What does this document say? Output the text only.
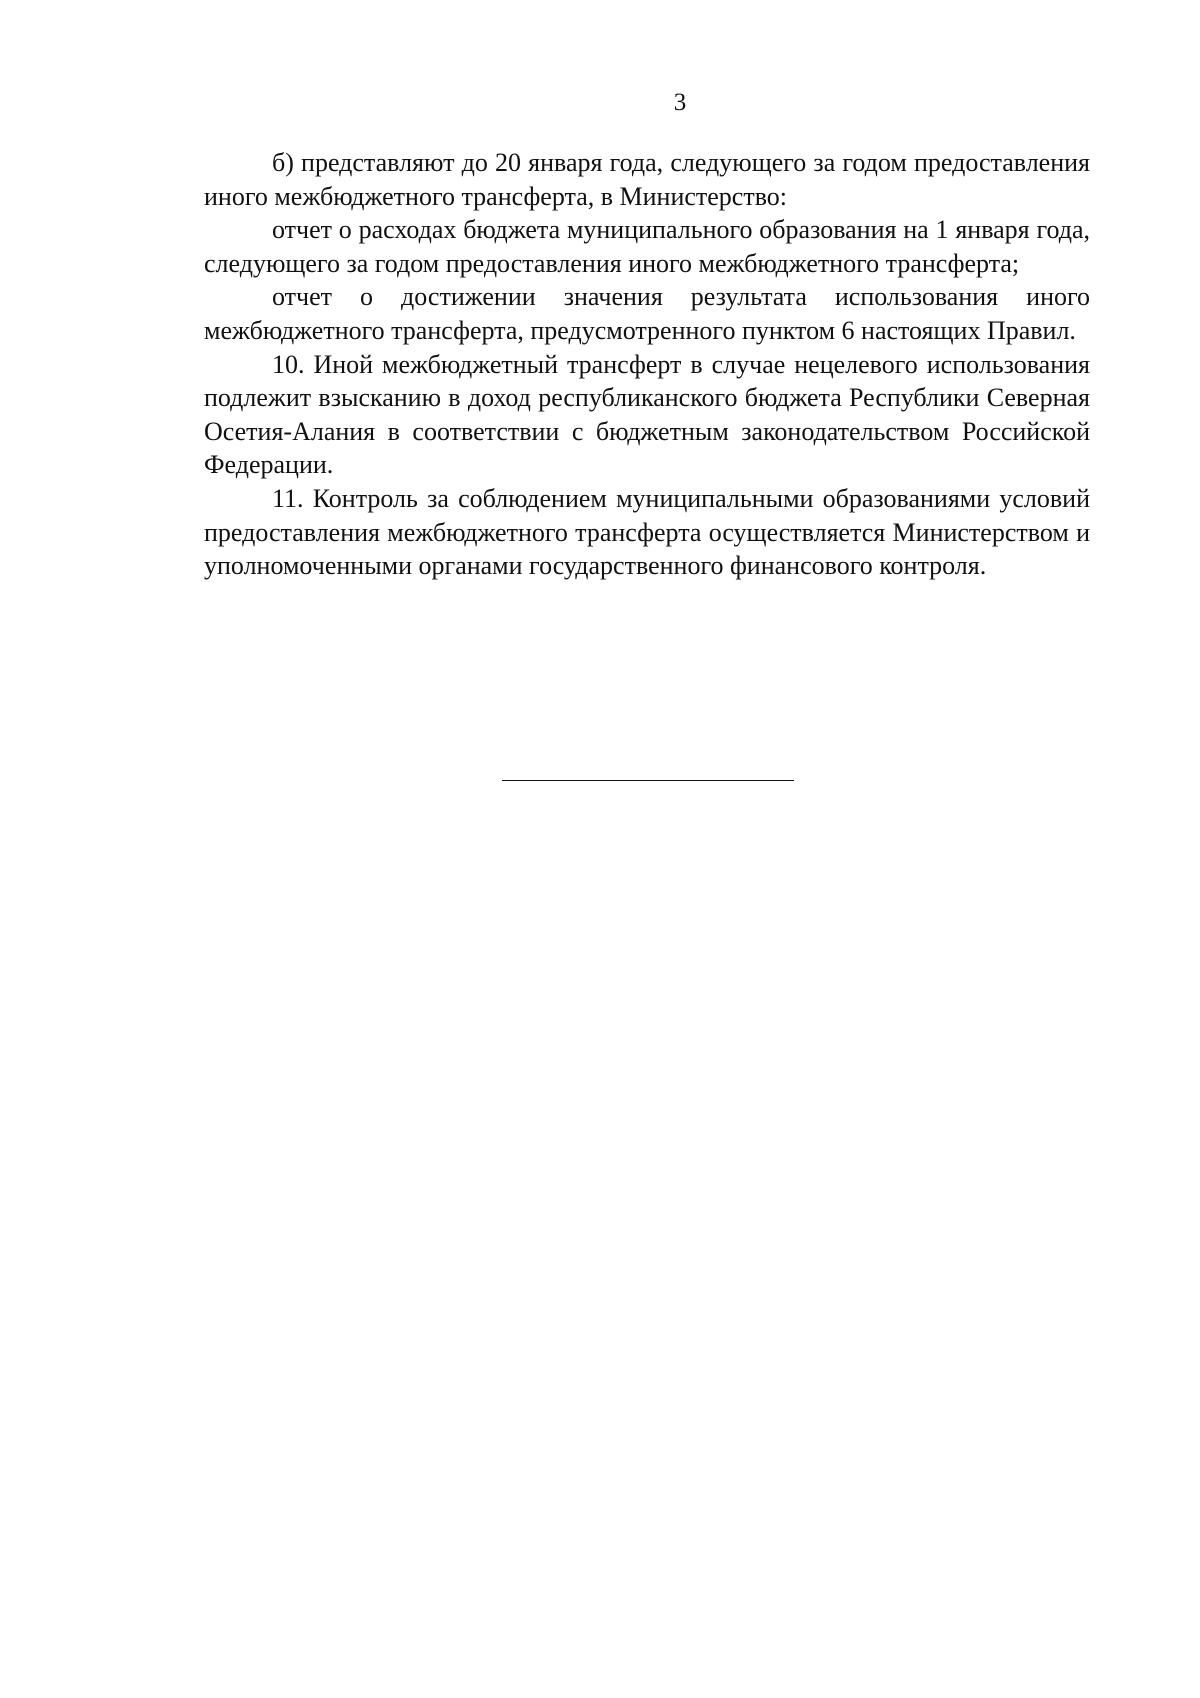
3

б) представляют до 20 января года, следующего за годом предоставления иного межбюджетного трансферта, в Министерство:

отчет о расходах бюджета муниципального образования на 1 января года, следующего за годом предоставления иного межбюджетного трансферта;

отчет о достижении значения результата использования иного межбюджетного трансферта, предусмотренного пунктом 6 настоящих Правил.

10. Иной межбюджетный трансферт в случае нецелевого использования подлежит взысканию в доход республиканского бюджета Республики Северная Осетия-Алания в соответствии с бюджетным законодательством Российской Федерации.

11. Контроль за соблюдением муниципальными образованиями условий предоставления межбюджетного трансферта осуществляется Министерством и уполномоченными органами государственного финансового контроля.
